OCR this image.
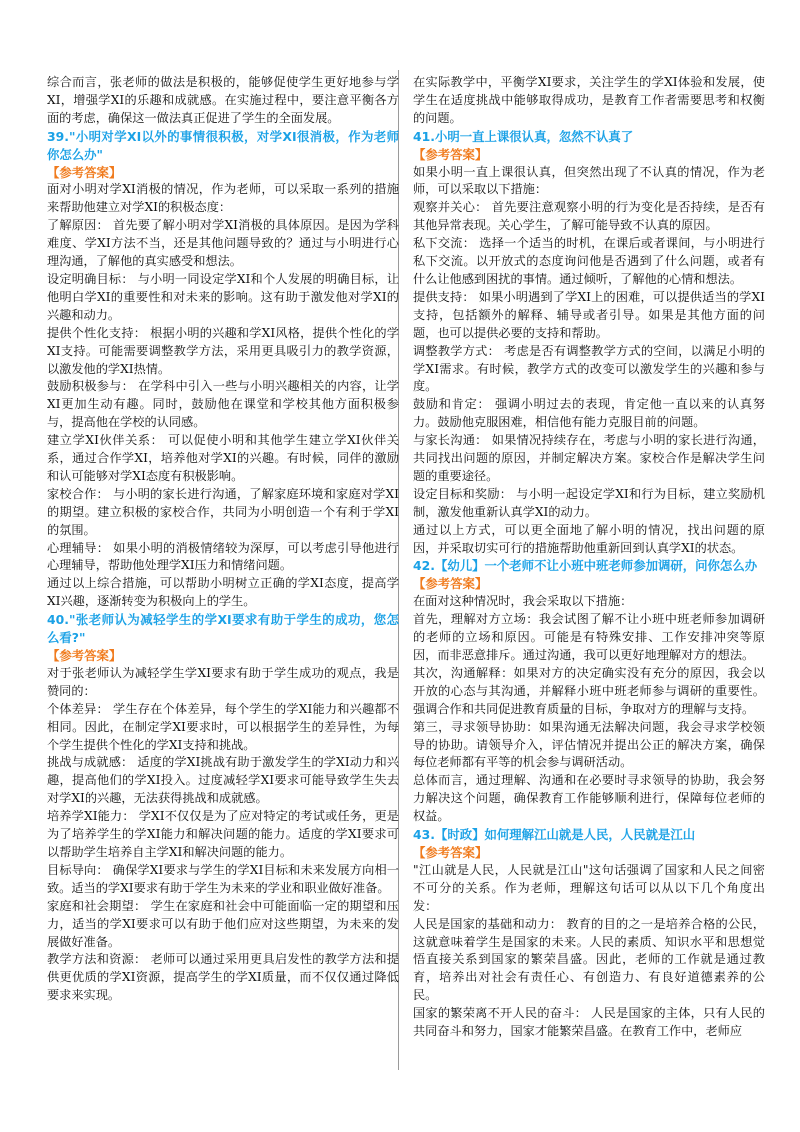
综合而言，张老师的做法是积极的，能够促使学生更好地参与学XI，增强学XI的乐趣和成就感。在实施过程中，要注意平衡各方面的考虑，确保这一做法真正促进了学生的全面发展。

39."小明对学XI以外的事情很积极，对学XI很消极，作为老师你怎么办"

【参考答案】

面对小明对学XI消极的情况，作为老师，可以采取一系列的措施来帮助他建立对学XI的积极态度：

了解原因： 首先要了解小明对学XI消极的具体原因。是因为学科难度、学XI方法不当，还是其他问题导致的？通过与小明进行心理沟通，了解他的真实感受和想法。

设定明确目标： 与小明一同设定学XI和个人发展的明确目标，让他明白学XI的重要性和对未来的影响。这有助于激发他对学XI的兴趣和动力。

提供个性化支持： 根据小明的兴趣和学XI风格，提供个性化的学XI支持。可能需要调整教学方法，采用更具吸引力的教学资源，以激发他的学XI热情。

鼓励积极参与： 在学科中引入一些与小明兴趣相关的内容，让学XI更加生动有趣。同时，鼓励他在课堂和学校其他方面积极参与，提高他在学校的认同感。

建立学XI伙伴关系： 可以促使小明和其他学生建立学XI伙伴关系，通过合作学XI，培养他对学XI的兴趣。有时候，同伴的激励和认可能够对学XI态度有积极影响。

家校合作： 与小明的家长进行沟通，了解家庭环境和家庭对学XI的期望。建立积极的家校合作，共同为小明创造一个有利于学XI的氛围。

心理辅导： 如果小明的消极情绪较为深厚，可以考虑引导他进行心理辅导，帮助他处理学XI压力和情绪问题。

通过以上综合措施，可以帮助小明树立正确的学XI态度，提高学XI兴趣，逐渐转变为积极向上的学生。

40."张老师认为减轻学生的学XI要求有助于学生的成功，您怎么看?"

【参考答案】

对于张老师认为减轻学生学XI要求有助于学生成功的观点，我是赞同的：

个体差异： 学生存在个体差异，每个学生的学XI能力和兴趣都不相同。因此，在制定学XI要求时，可以根据学生的差异性，为每个学生提供个性化的学XI支持和挑战。

挑战与成就感： 适度的学XI挑战有助于激发学生的学XI动力和兴趣，提高他们的学XI投入。过度减轻学XI要求可能导致学生失去对学XI的兴趣，无法获得挑战和成就感。

培养学XI能力： 学XI不仅仅是为了应对特定的考试或任务，更是为了培养学生的学XI能力和解决问题的能力。适度的学XI要求可以帮助学生培养自主学XI和解决问题的能力。

目标导向： 确保学XI要求与学生的学XI目标和未来发展方向相一致。适当的学XI要求有助于学生为未来的学业和职业做好准备。

家庭和社会期望： 学生在家庭和社会中可能面临一定的期望和压力，适当的学XI要求可以有助于他们应对这些期望，为未来的发展做好准备。

教学方法和资源： 老师可以通过采用更具启发性的教学方法和提供更优质的学XI资源，提高学生的学XI质量，而不仅仅通过降低要求来实现。

在实际教学中，平衡学XI要求，关注学生的学XI体验和发展，使学生在适度挑战中能够取得成功，是教育工作者需要思考和权衡的问题。

41.小明一直上课很认真，忽然不认真了

【参考答案】

如果小明一直上课很认真，但突然出现了不认真的情况，作为老师，可以采取以下措施：

观察并关心： 首先要注意观察小明的行为变化是否持续，是否有其他异常表现。关心学生，了解可能导致不认真的原因。

私下交流： 选择一个适当的时机，在课后或者课间，与小明进行私下交流。以开放式的态度询问他是否遇到了什么问题，或者有什么让他感到困扰的事情。通过倾听，了解他的心情和想法。

提供支持： 如果小明遇到了学XI上的困难，可以提供适当的学XI支持，包括额外的解释、辅导或者引导。如果是其他方面的问题，也可以提供必要的支持和帮助。

调整教学方式： 考虑是否有调整教学方式的空间，以满足小明的学XI需求。有时候，教学方式的改变可以激发学生的兴趣和参与度。

鼓励和肯定： 强调小明过去的表现，肯定他一直以来的认真努力。鼓励他克服困难，相信他有能力克服目前的问题。

与家长沟通： 如果情况持续存在，考虑与小明的家长进行沟通，共同找出问题的原因，并制定解决方案。家校合作是解决学生问题的重要途径。

设定目标和奖励： 与小明一起设定学XI和行为目标，建立奖励机制，激发他重新认真学XI的动力。

通过以上方式，可以更全面地了解小明的情况，找出问题的原因，并采取切实可行的措施帮助他重新回到认真学XI的状态。

42.【幼儿】一个老师不让小班中班老师参加调研，问你怎么办

【参考答案】

在面对这种情况时，我会采取以下措施：

首先，理解对方立场：我会试图了解不让小班中班老师参加调研的老师的立场和原因。可能是有特殊安排、工作安排冲突等原因，而非恶意排斥。通过沟通，我可以更好地理解对方的想法。

其次，沟通解释：如果对方的决定确实没有充分的原因，我会以开放的心态与其沟通，并解释小班中班老师参与调研的重要性。强调合作和共同促进教育质量的目标，争取对方的理解与支持。

第三，寻求领导协助：如果沟通无法解决问题，我会寻求学校领导的协助。请领导介入，评估情况并提出公正的解决方案，确保每位老师都有平等的机会参与调研活动。

总体而言，通过理解、沟通和在必要时寻求领导的协助，我会努力解决这个问题，确保教育工作能够顺利进行，保障每位老师的权益。

43.【时政】如何理解江山就是人民，人民就是江山

【参考答案】

"江山就是人民，人民就是江山"这句话强调了国家和人民之间密不可分的关系。作为老师，理解这句话可以从以下几个角度出发：

人民是国家的基础和动力： 教育的目的之一是培养合格的公民，这就意味着学生是国家的未来。人民的素质、知识水平和思想觉悟直接关系到国家的繁荣昌盛。因此，老师的工作就是通过教育，培养出对社会有责任心、有创造力、有良好道德素养的公民。

国家的繁荣离不开人民的奋斗： 人民是国家的主体，只有人民的共同奋斗和努力，国家才能繁荣昌盛。在教育工作中，老师应
